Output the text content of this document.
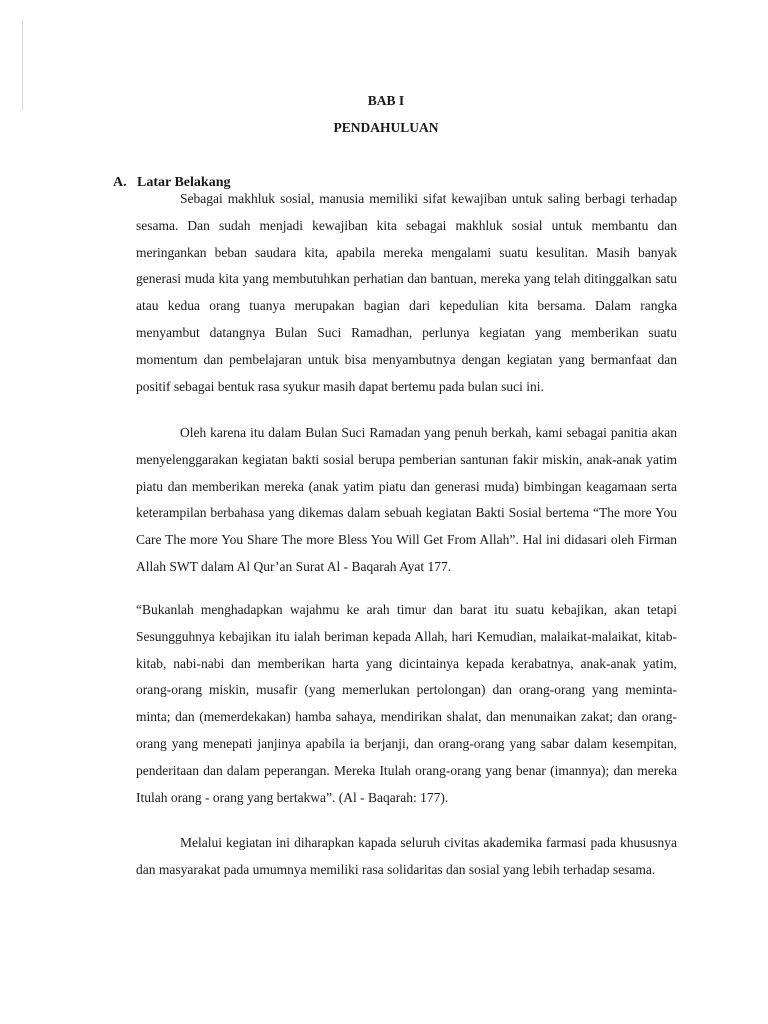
BAB I
PENDAHULUAN
A. Latar Belakang

Sebagai makhluk sosial, manusia memiliki sifat kewajiban untuk saling berbagi terhadap sesama. Dan sudah menjadi kewajiban kita sebagai makhluk sosial untuk membantu dan meringankan beban saudara kita, apabila mereka mengalami suatu kesulitan. Masih banyak generasi muda kita yang membutuhkan perhatian dan bantuan, mereka yang telah ditinggalkan satu atau kedua orang tuanya merupakan bagian dari kepedulian kita bersama. Dalam rangka menyambut datangnya Bulan Suci Ramadhan, perlunya kegiatan yang memberikan suatu momentum dan pembelajaran untuk bisa menyambutnya dengan kegiatan yang bermanfaat dan positif sebagai bentuk rasa syukur masih dapat bertemu pada bulan suci ini.

Oleh karena itu dalam Bulan Suci Ramadan yang penuh berkah, kami sebagai panitia akan menyelenggarakan kegiatan bakti sosial berupa pemberian santunan fakir miskin, anak-anak yatim piatu dan memberikan mereka (anak yatim piatu dan generasi muda) bimbingan keagamaan serta keterampilan berbahasa yang dikemas dalam sebuah kegiatan Bakti Sosial bertema “The more You Care The more You Share The more Bless You Will Get From Allah”. Hal ini didasari oleh Firman Allah SWT dalam Al Qur’an Surat Al - Baqarah Ayat 177.

“Bukanlah menghadapkan wajahmu ke arah timur dan barat itu suatu kebajikan, akan tetapi Sesungguhnya kebajikan itu ialah beriman kepada Allah, hari Kemudian, malaikat-malaikat, kitab-kitab, nabi-nabi dan memberikan harta yang dicintainya kepada kerabatnya, anak-anak yatim, orang-orang miskin, musafir (yang memerlukan pertolongan) dan orang-orang yang meminta-minta; dan (memerdekakan) hamba sahaya, mendirikan shalat, dan menunaikan zakat; dan orang-orang yang menepati janjinya apabila ia berjanji, dan orang-orang yang sabar dalam kesempitan, penderitaan dan dalam peperangan. Mereka Itulah orang-orang yang benar (imannya); dan mereka Itulah orang - orang yang bertakwa”. (Al - Baqarah: 177).

Melalui kegiatan ini diharapkan kapada seluruh civitas akademika farmasi pada khususnya dan masyarakat pada umumnya memiliki rasa solidaritas dan sosial yang lebih terhadap sesama.
